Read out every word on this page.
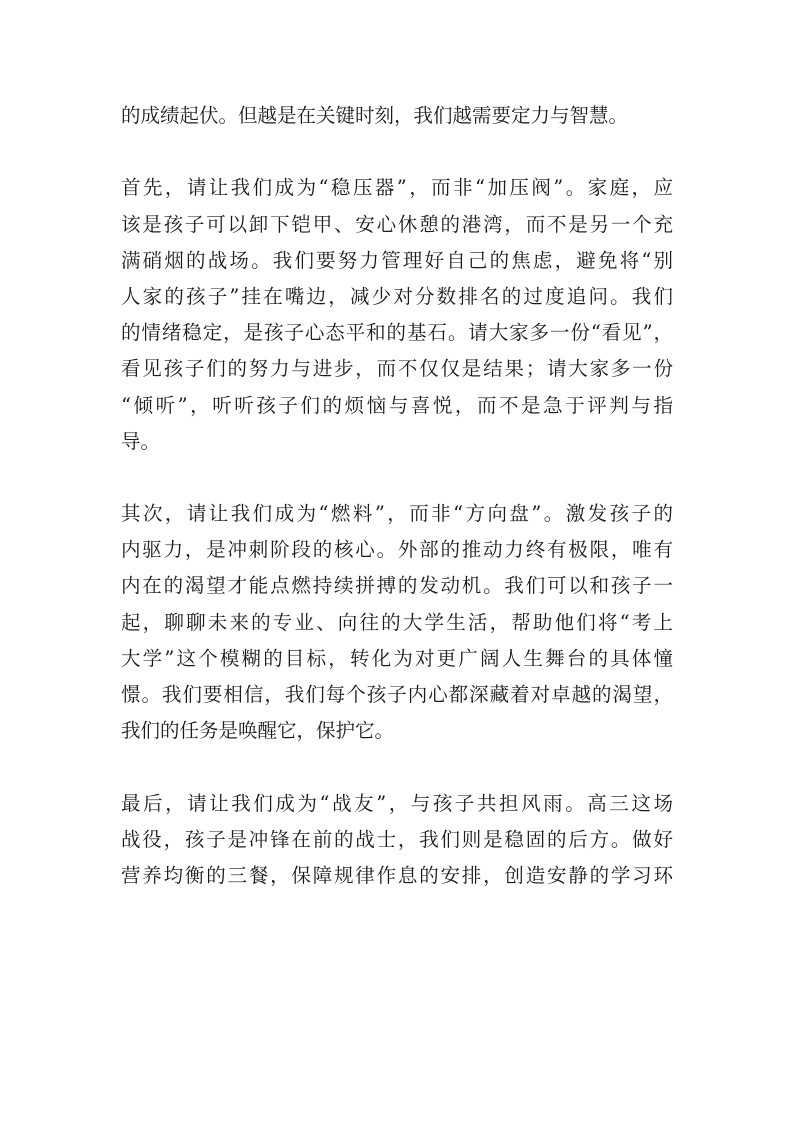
的成绩起伏。但越是在关键时刻，我们越需要定力与智慧。
首先，请让我们成为“稳压器”，而非“加压阀”。家庭，应
该是孩子可以卸下铠甲、安心休憩的港湾，而不是另一个充
满硝烟的战场。我们要努力管理好自己的焦虑，避免将“别
人家的孩子”挂在嘴边，减少对分数排名的过度追问。我们
的情绪稳定，是孩子心态平和的基石。请大家多一份“看见”，
看见孩子们的努力与进步，而不仅仅是结果；请大家多一份
“倾听”，听听孩子们的烦恼与喜悦，而不是急于评判与指
导。
其次，请让我们成为“燃料”，而非“方向盘”。激发孩子的
内驱力，是冲刺阶段的核心。外部的推动力终有极限，唯有
内在的渴望才能点燃持续拼搏的发动机。我们可以和孩子一
起，聊聊未来的专业、向往的大学生活，帮助他们将“考上
大学”这个模糊的目标，转化为对更广阔人生舞台的具体憧
憬。我们要相信，我们每个孩子内心都深藏着对卓越的渴望，
我们的任务是唤醒它，保护它。
最后，请让我们成为“战友”，与孩子共担风雨。高三这场
战役，孩子是冲锋在前的战士，我们则是稳固的后方。做好
营养均衡的三餐，保障规律作息的安排，创造安静的学习环
